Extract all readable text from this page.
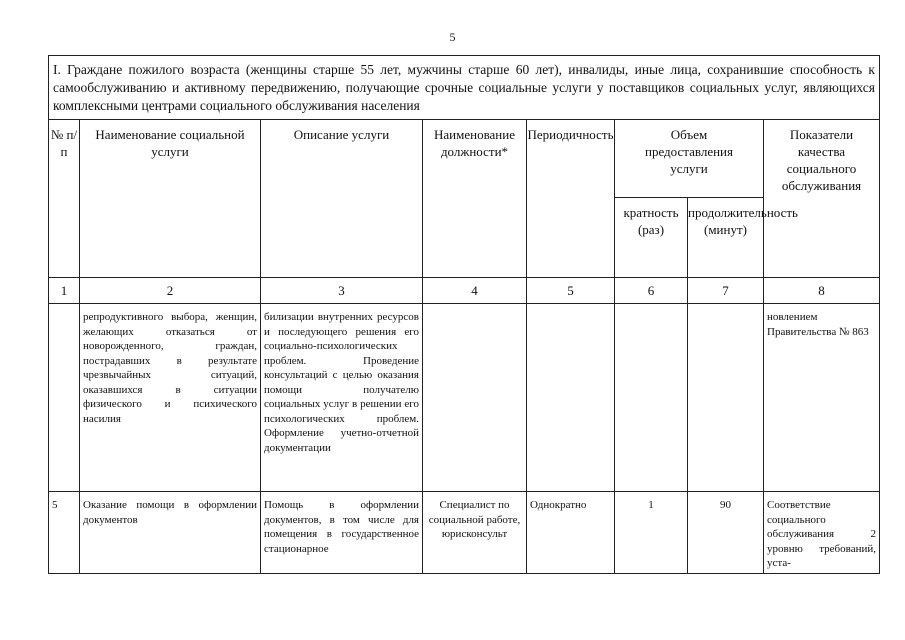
5
I. Граждане пожилого возраста (женщины старше 55 лет, мужчины старше 60 лет), инвалиды, иные лица, сохранившие способность к самообслуживанию и активному передвижению, получающие срочные социальные услуги у поставщиков социальных услуг, являющихся комплексными центрами социального обслуживания населения							
№ п/п	Наименование социальной услуги	Описание услуги	Наименование должности*	Периодичность	Объем предоставления услуги		Показатели качества социального обслуживания
					кратность (раз)	продолжительность (минут)	
1	2	3	4	5	6	7	8
	репродуктивного выбора, женщин, желающих отказаться от новорожденного, граждан, пострадавших в результате чрезвычайных ситуаций, оказавшихся в ситуации физического и психического насилия	билизации внутренних ресурсов и последующего решения его социально-психологических проблем. Проведение консультаций с целью оказания помощи получателю социальных услуг в решении его психологических проблем. Оформление учетно-отчетной документации					новлением Правительства № 863
5	Оказание помощи в оформлении документов	Помощь в оформлении документов, в том числе для помещения в государственное стационарное	Специалист по социальной работе, юрисконсульт	Однократно	1	90	Соответствие социального обслуживания 2 уровню требований, уста-
